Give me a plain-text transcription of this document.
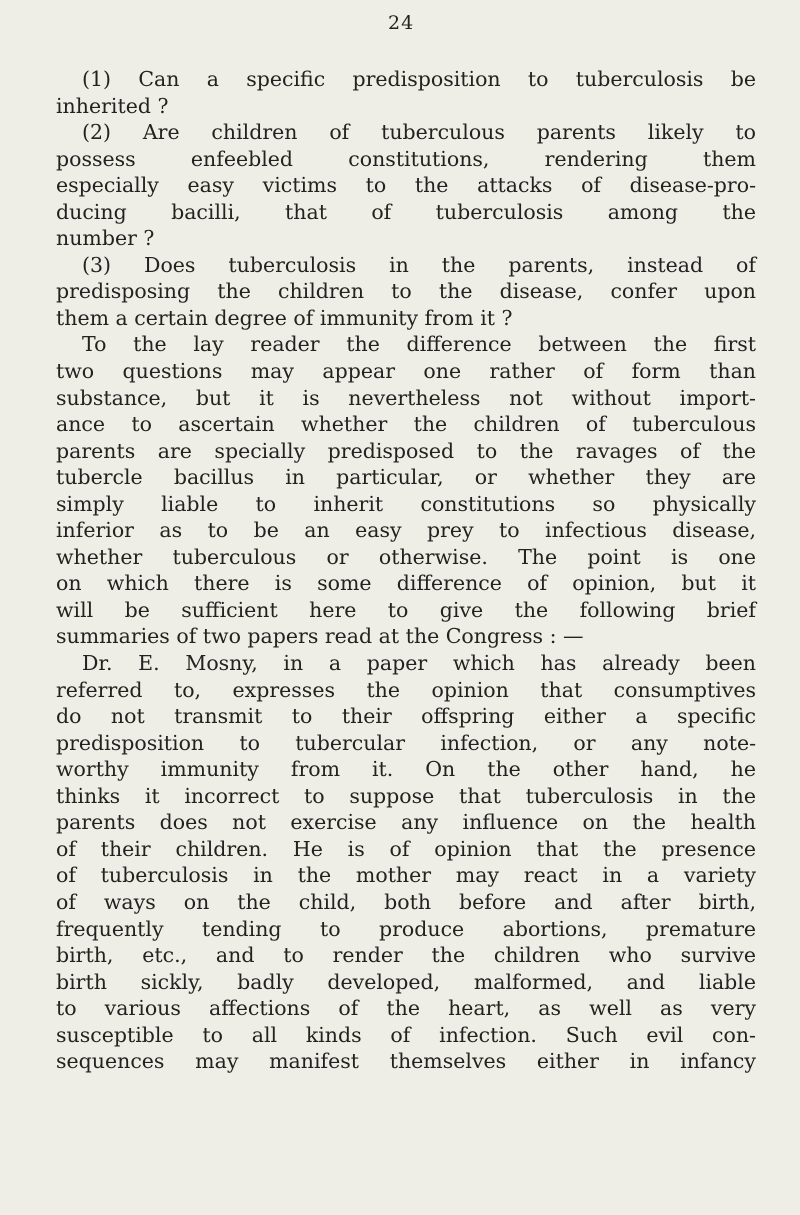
24
(1) Can a specific predisposition to tuberculosis be
inherited ?
(2) Are children of tuberculous parents likely to
possess enfeebled constitutions, rendering them
especially easy victims to the attacks of disease-pro-
ducing bacilli, that of tuberculosis among the
number ?
(3) Does tuberculosis in the parents, instead of
predisposing the children to the disease, confer upon
them a certain degree of immunity from it ?
To the lay reader the difference between the first
two questions may appear one rather of form than
substance, but it is nevertheless not without import-
ance to ascertain whether the children of tuberculous
parents are specially predisposed to the ravages of the
tubercle bacillus in particular, or whether they are
simply liable to inherit constitutions so physically
inferior as to be an easy prey to infectious disease,
whether tuberculous or otherwise. The point is one
on which there is some difference of opinion, but it
will be sufficient here to give the following brief
summaries of two papers read at the Congress : —
Dr. E. Mosny, in a paper which has already been
referred to, expresses the opinion that consumptives
do not transmit to their offspring either a specific
predisposition to tubercular infection, or any note-
worthy immunity from it. On the other hand, he
thinks it incorrect to suppose that tuberculosis in the
parents does not exercise any influence on the health
of their children. He is of opinion that the presence
of tuberculosis in the mother may react in a variety
of ways on the child, both before and after birth,
frequently tending to produce abortions, premature
birth, etc., and to render the children who survive
birth sickly, badly developed, malformed, and liable
to various affections of the heart, as well as very
susceptible to all kinds of infection. Such evil con-
sequences may manifest themselves either in infancy
